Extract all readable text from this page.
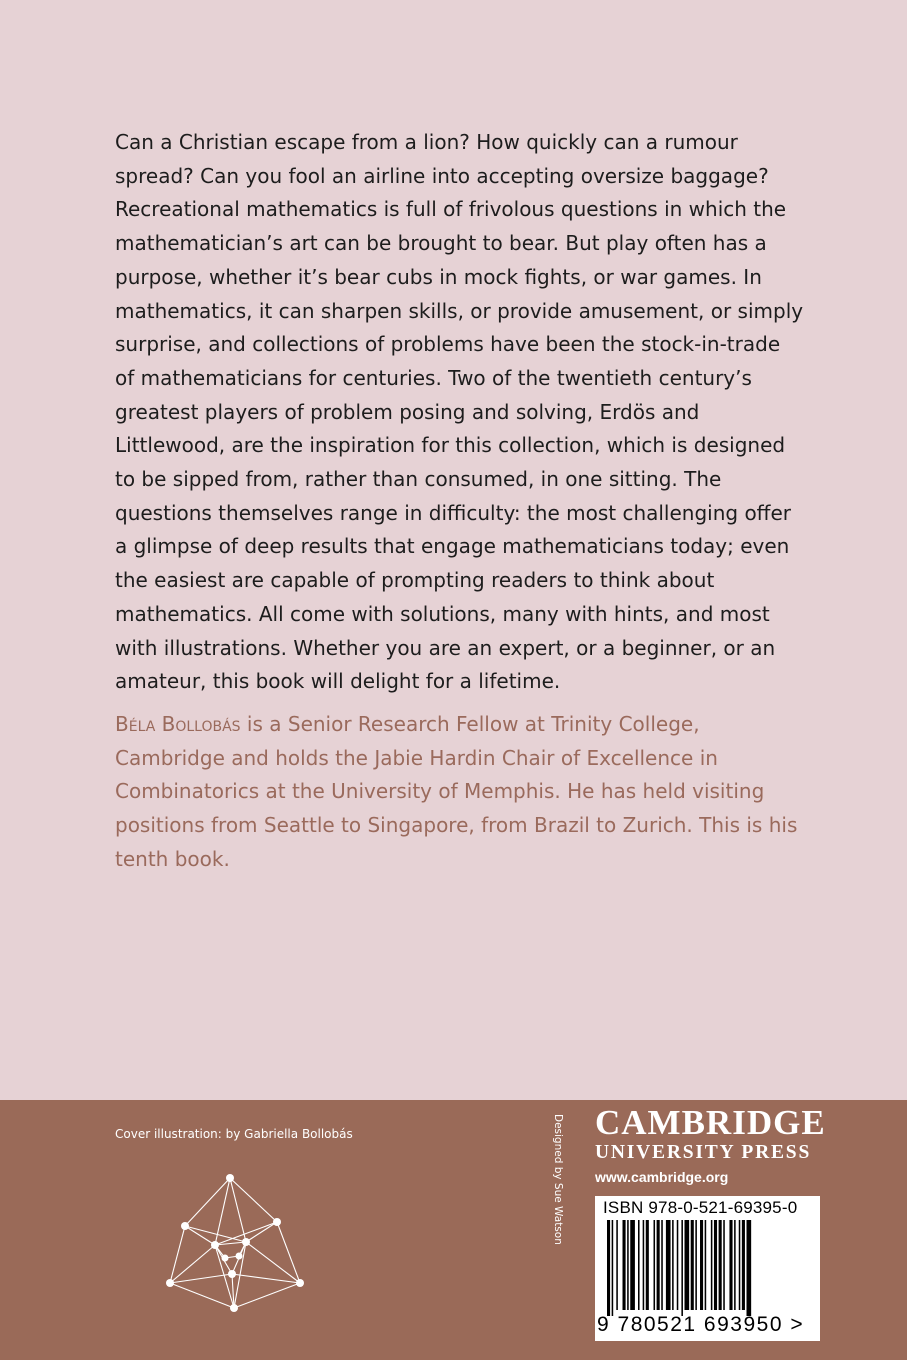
Can a Christian escape from a lion? How quickly can a rumour spread? Can you fool an airline into accepting oversize baggage? Recreational mathematics is full of frivolous questions in which the mathematician’s art can be brought to bear. But play often has a purpose, whether it’s bear cubs in mock fights, or war games. In mathematics, it can sharpen skills, or provide amusement, or simply surprise, and collections of problems have been the stock-in-trade of mathematicians for centuries. Two of the twentieth century’s greatest players of problem posing and solving, Erdös and Littlewood, are the inspiration for this collection, which is designed to be sipped from, rather than consumed, in one sitting. The questions themselves range in difficulty: the most challenging offer a glimpse of deep results that engage mathematicians today; even the easiest are capable of prompting readers to think about mathematics. All come with solutions, many with hints, and most with illustrations. Whether you are an expert, or a beginner, or an amateur, this book will delight for a lifetime.

Béla Bollobás is a Senior Research Fellow at Trinity College, Cambridge and holds the Jabie Hardin Chair of Excellence in Combinatorics at the University of Memphis. He has held visiting positions from Seattle to Singapore, from Brazil to Zurich. This is his tenth book.

Cover illustration: by Gabriella Bollobás	Designed by Sue Watson CAMBRIDGE
UNIVERSITY PRESS
www.cambridge.org
ISBN 978-0-521-69395-0
9 780521 693950 >
